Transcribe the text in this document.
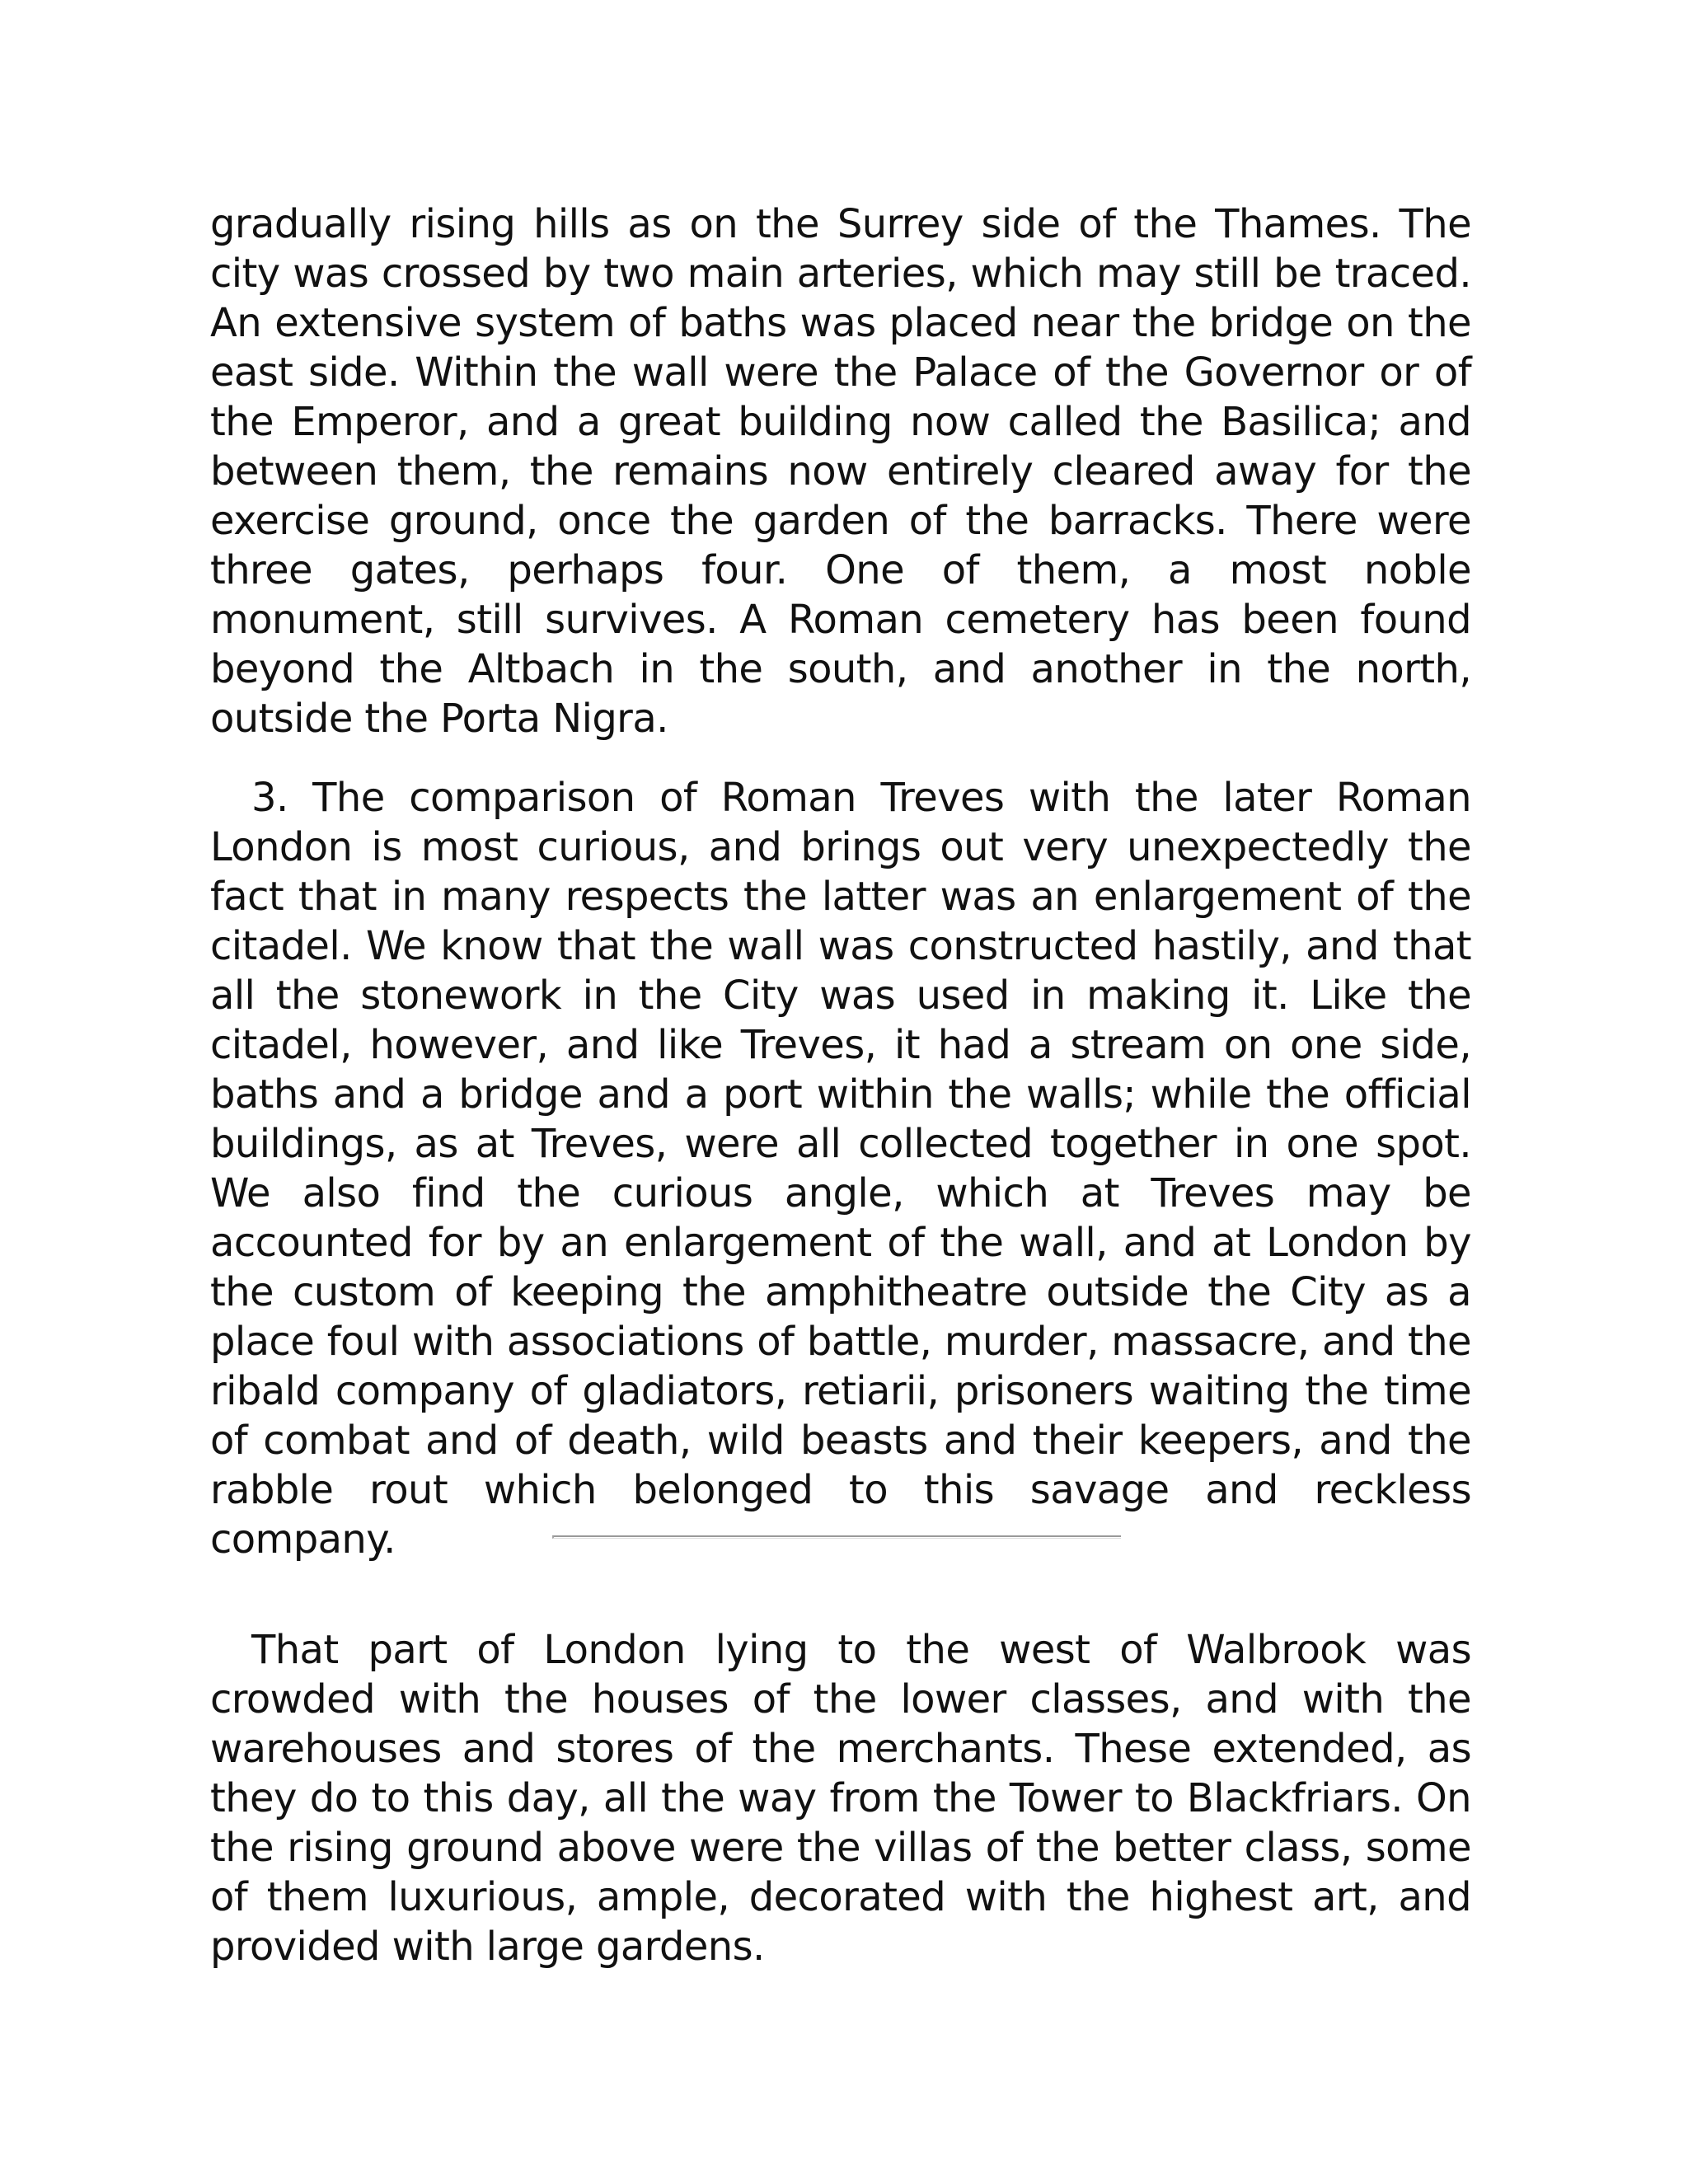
gradually rising hills as on the Surrey side of the Thames. The city was crossed by two main arteries, which may still be traced. An extensive system of baths was placed near the bridge on the east side. Within the wall were the Palace of the Governor or of the Emperor, and a great building now called the Basilica; and between them, the remains now entirely cleared away for the exercise ground, once the garden of the barracks. There were three gates, perhaps four. One of them, a most noble monument, still survives. A Roman cemetery has been found beyond the Altbach in the south, and another in the north, outside the Porta Nigra.

3. The comparison of Roman Treves with the later Roman London is most curious, and brings out very unexpectedly the fact that in many respects the latter was an enlargement of the citadel. We know that the wall was constructed hastily, and that all the stonework in the City was used in making it. Like the citadel, however, and like Treves, it had a stream on one side, baths and a bridge and a port within the walls; while the official buildings, as at Treves, were all collected together in one spot. We also find the curious angle, which at Treves may be accounted for by an enlargement of the wall, and at London by the custom of keeping the amphitheatre outside the City as a place foul with associations of battle, murder, massacre, and the ribald company of gladiators, retiarii, prisoners waiting the time of combat and of death, wild beasts and their keepers, and the rabble rout which belonged to this savage and reckless company.

That part of London lying to the west of Walbrook was crowded with the houses of the lower classes, and with the warehouses and stores of the merchants. These extended, as they do to this day, all the way from the Tower to Blackfriars. On the rising ground above were the villas of the better class, some of them luxurious, ample, decorated with the highest art, and provided with large gardens.
